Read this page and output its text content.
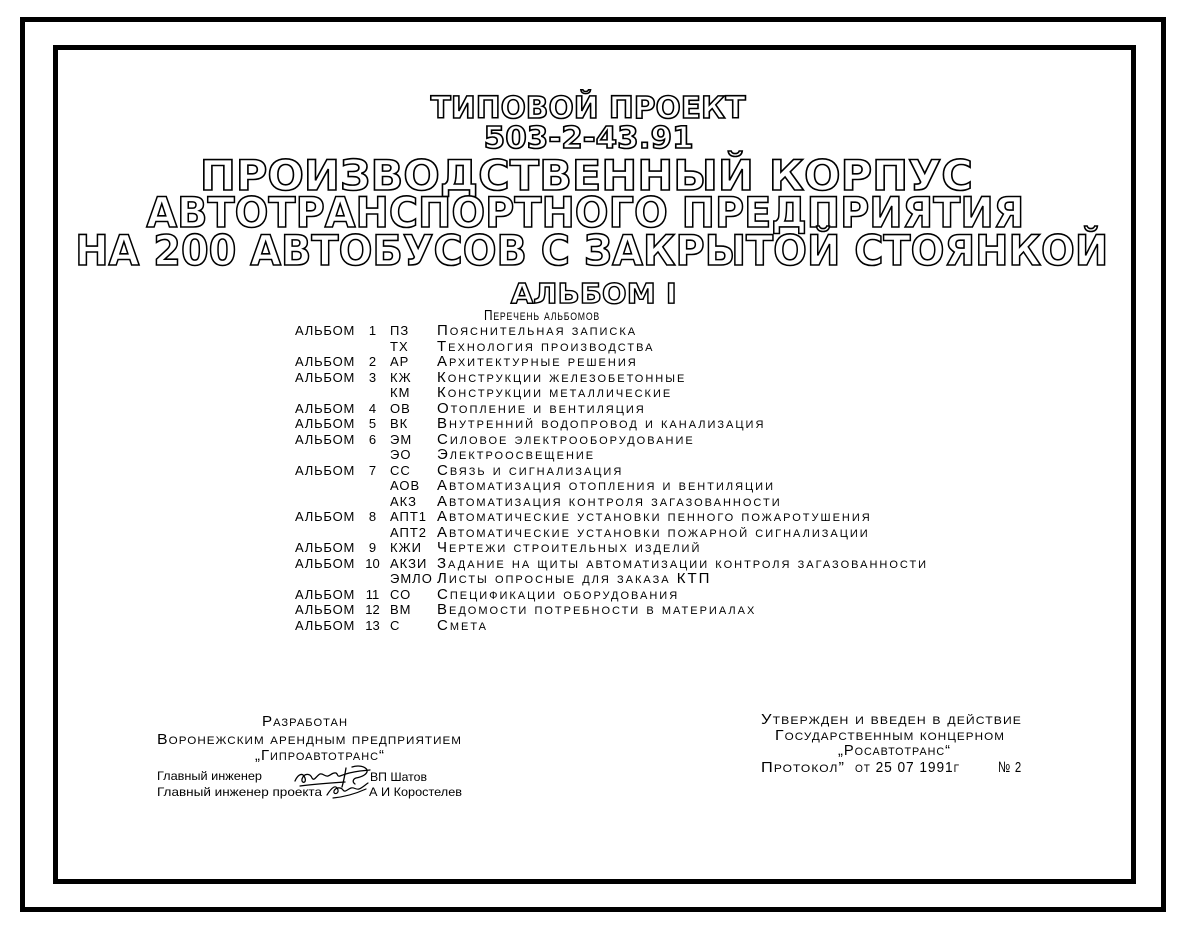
ТИПОВОЙ ПРОЕКТ
503-2-43.91
ПРОИЗВОДСТВЕННЫЙ КОРПУС
АВТОТРАНСПОРТНОГО ПРЕДПРИЯТИЯ
НА 200 АВТОБУСОВ С ЗАКРЫТОЙ СТОЯНКОЙ
АЛЬБОМ I
Перечень альбомов
АЛЬБОМ	1	ПЗ Пояснительная записка
ТХ Технология производства
АЛЬБОМ	2	АР Архитектурные решения
АЛЬБОМ	3	КЖ Конструкции железобетонные
КМ Конструкции металлические
АЛЬБОМ	4	ОВ Отопление и вентиляция
АЛЬБОМ	5	ВК Внутренний водопровод и канализация
АЛЬБОМ	6	ЭМ Силовое электрооборудование
ЭО Электроосвещение
АЛЬБОМ	7	СС Связь и сигнализация
АОВ Автоматизация отопления и вентиляции
АКЗ Автоматизация контроля загазованности
АЛЬБОМ	8	АПТ1 Автоматические установки пенного пожаротушения
АПТ2 Автоматические установки пожарной сигнализации
АЛЬБОМ	9	КЖИ Чертежи строительных изделий
АЛЬБОМ 10 АКЗИ Задание на щиты автоматизации контроля загазованности
ЭМЛО Листы опросные для заказа КТП
АЛЬБОМ 11 СО Спецификации оборудования
АЛЬБОМ 12 ВМ Ведомости потребности в материалах
АЛЬБОМ 13 С Смета
Разработан
Воронежским арендным предприятием
„Гипроавтотранс“
Главный инженер	ВП Шатов
Главный инженер проекта	А И Коростелев
Утвержден и введен в действие
Государственным концерном
„Росавтотранс“
Протокол” от 25 07 1991г	№ 2
